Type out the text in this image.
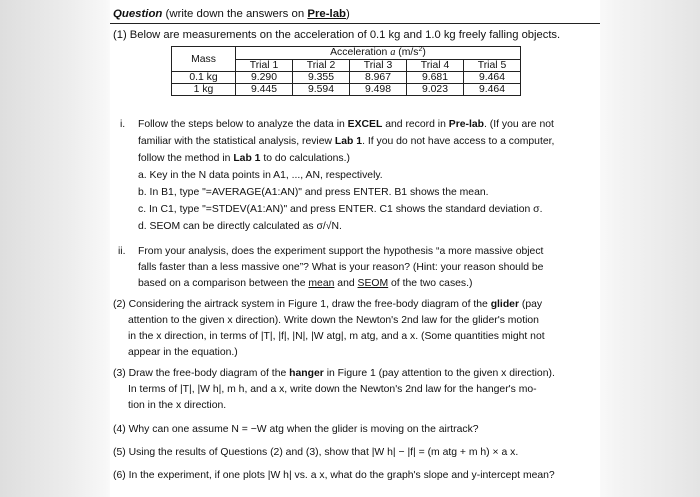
Question (write down the answers on Pre-lab)
(1) Below are measurements on the acceleration of 0.1 kg and 1.0 kg freely falling objects.
Mass	Acceleration a $(m/s^2)$				
	Trial 1	Trial 2	Trial 3	Trial 4	Trial 5
0.1 kg	9.290	9.355	8.967	9.681	9.464
1 kg	9.445	9.594	9.498	9.023	9.464
i. Follow the steps below to analyze the data in EXCEL and record in Pre-lab. (If you are not
familiar with the statistical analysis, review Lab 1. If you do not have access to a computer,
follow the method in Lab 1 to do calculations.)
a. Key in the N data points in A1, ..., AN, respectively.
b. In B1, type "=AVERAGE(A1:AN)" and press ENTER. B1 shows the mean.
c. In C1, type "=STDEV(A1:AN)" and press ENTER. C1 shows the standard deviation σ.
d. SEOM can be directly calculated as σ/√N.
ii. From your analysis, does the experiment support the hypothesis “a more massive object
falls faster than a less massive one”? What is your reason? (Hint: your reason should be
based on a comparison between the mean and SEOM of the two cases.)
(2) Considering the airtrack system in Figure 1, draw the free-body diagram of the glider (pay
attention to the given x direction). Write down the Newton's 2nd law for the glider's motion
in the x direction, in terms of |T|, |f|, |N|, |W atg|, m atg, and a x. (Some quantities might not
appear in the equation.)
(3) Draw the free-body diagram of the hanger in Figure 1 (pay attention to the given x direction).
In terms of |T|, |W h|, m h, and a x, write down the Newton's 2nd law for the hanger's mo-
tion in the x direction.
(4) Why can one assume N = −W atg when the glider is moving on the airtrack?
(5) Using the results of Questions (2) and (3), show that |W h| − |f| = (m atg + m h) × a x.
(6) In the experiment, if one plots |W h| vs. a x, what do the graph's slope and y-intercept mean?
